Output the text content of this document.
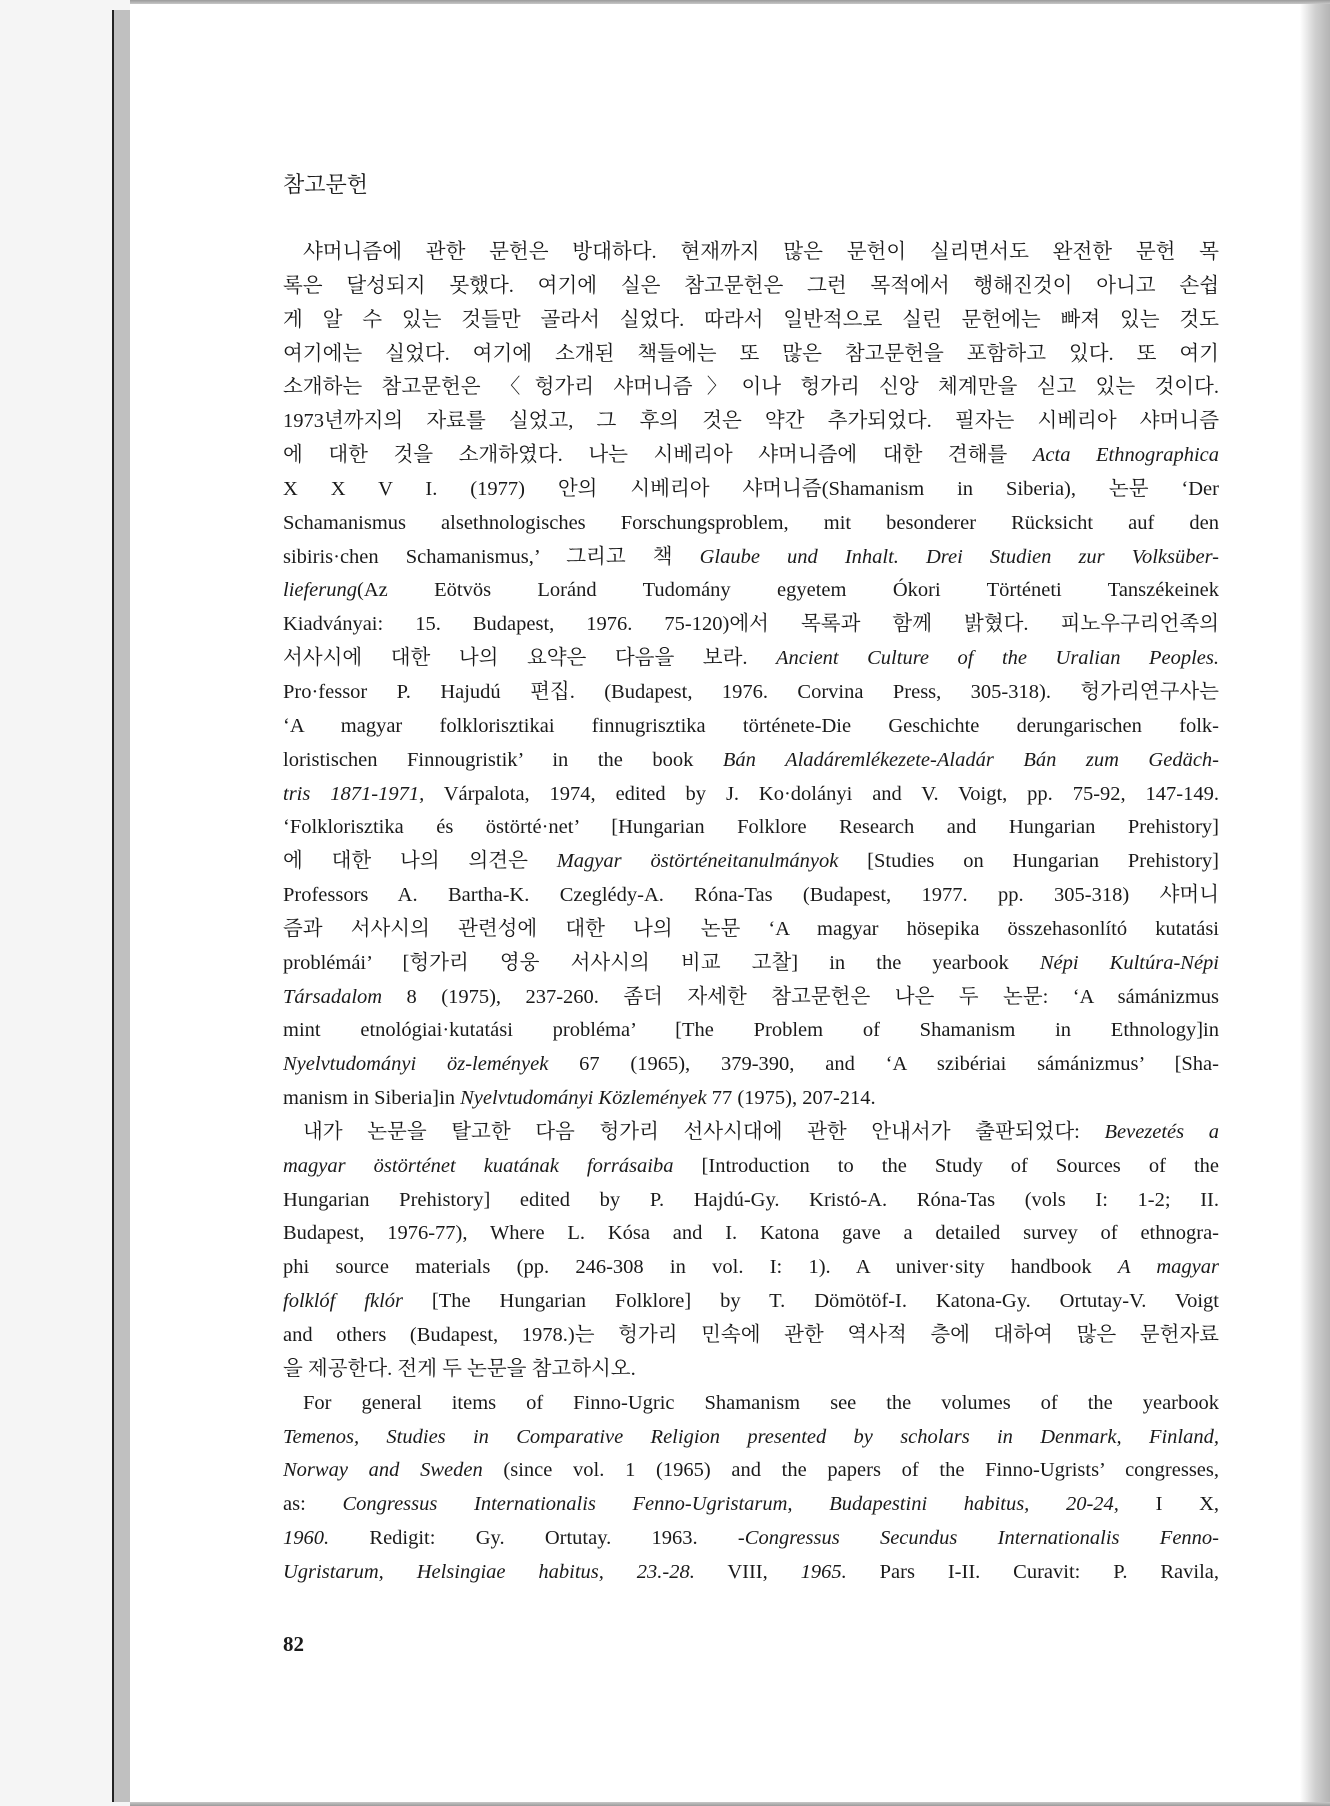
참고문헌
샤머니즘에 관한 문헌은 방대하다. 현재까지 많은 문헌이 실리면서도 완전한 문헌 목
록은 달성되지 못했다. 여기에 실은 참고문헌은 그런 목적에서 행해진것이 아니고 손쉽
게 알 수 있는 것들만 골라서 실었다. 따라서 일반적으로 실린 문헌에는 빠져 있는 것도
여기에는 실었다. 여기에 소개된 책들에는 또 많은 참고문헌을 포함하고 있다. 또 여기
소개하는 참고문헌은 〈헝가리 샤머니즘〉이나 헝가리 신앙 체계만을 싣고 있는 것이다.
1973년까지의 자료를 실었고, 그 후의 것은 약간 추가되었다. 필자는 시베리아 샤머니즘
에 대한 것을 소개하였다. 나는 시베리아 샤머니즘에 대한 견해를 Acta Ethnographica
X X V I. (1977) 안의 시베리아 샤머니즘(Shamanism in Siberia), 논문 ‘Der
Schamanismus alsethnologisches Forschungsproblem, mit besonderer Rücksicht auf den
sibiris·chen Schamanismus,’ 그리고 책 Glaube und Inhalt. Drei Studien zur Volksüber-
lieferung(Az Eötvös Loránd Tudomány egyetem Ókori Történeti Tanszékeinek
Kiadványai: 15. Budapest, 1976. 75-120)에서 목록과 함께 밝혔다. 피노우구리언족의
서사시에 대한 나의 요약은 다음을 보라. Ancient Culture of the Uralian Peoples.
Pro·fessor P. Hajudú 편집. (Budapest, 1976. Corvina Press, 305-318). 헝가리연구사는
‘A magyar folklorisztikai finnugrisztika története-Die Geschichte derungarischen folk-
loristischen Finnougristik’ in the book Bán Aladáremlékezete-Aladár Bán zum Gedäch-
tris 1871-1971, Várpalota, 1974, edited by J. Ko·dolányi and V. Voigt, pp. 75-92, 147-149.
‘Folklorisztika és östörté·net’ [Hungarian Folklore Research and Hungarian Prehistory]
에 대한 나의 의견은 Magyar östörténeitanulmányok [Studies on Hungarian Prehistory]
Professors A. Bartha-K. Czeglédy-A. Róna-Tas (Budapest, 1977. pp. 305-318) 샤머니
즘과 서사시의 관련성에 대한 나의 논문 ‘A magyar hösepika összehasonlító kutatási
problémái’ [헝가리 영웅 서사시의 비교 고찰] in the yearbook Népi Kultúra-Népi
Társadalom 8 (1975), 237-260. 좀더 자세한 참고문헌은 나은 두 논문: ‘A sámánizmus
mint etnológiai·kutatási probléma’ [The Problem of Shamanism in Ethnology]in
Nyelvtudományi öz-lemények 67 (1965), 379-390, and ‘A szibériai sámánizmus’ [Sha-
manism in Siberia]in Nyelvtudományi Közlemények 77 (1975), 207-214.
내가 논문을 탈고한 다음 헝가리 선사시대에 관한 안내서가 출판되었다: Bevezetés a
magyar östörténet kuatának forrásaiba [Introduction to the Study of Sources of the
Hungarian Prehistory] edited by P. Hajdú-Gy. Kristó-A. Róna-Tas (vols I: 1-2; II.
Budapest, 1976-77), Where L. Kósa and I. Katona gave a detailed survey of ethnogra-
phi source materials (pp. 246-308 in vol. I: 1). A univer·sity handbook A magyar
folklóf fklór [The Hungarian Folklore] by T. Dömötöf-I. Katona-Gy. Ortutay-V. Voigt
and others (Budapest, 1978.)는 헝가리 민속에 관한 역사적 층에 대하여 많은 문헌자료
을 제공한다. 전게 두 논문을 참고하시오.
For general items of Finno-Ugric Shamanism see the volumes of the yearbook
Temenos, Studies in Comparative Religion presented by scholars in Denmark, Finland,
Norway and Sweden (since vol. 1 (1965) and the papers of the Finno-Ugrists’ congresses,
as: Congressus Internationalis Fenno-Ugristarum, Budapestini habitus, 20-24, I X,
1960. Redigit: Gy. Ortutay. 1963. -Congressus Secundus Internationalis Fenno-
Ugristarum, Helsingiae habitus, 23.-28. VIII, 1965. Pars I-II. Curavit: P. Ravila,
82
